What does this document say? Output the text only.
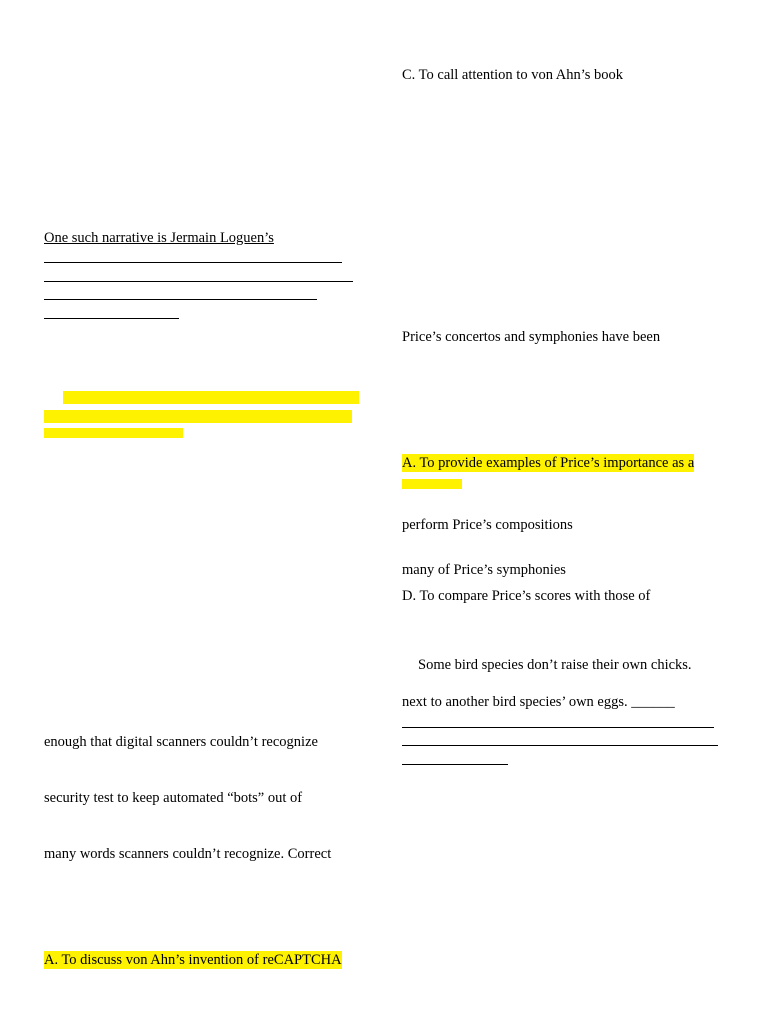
One such narrative is Jermain Loguen’s
enough that digital scanners couldn’t recognize
security test to keep automated “bots” out of
many words scanners couldn’t recognize. Correct
A. To discuss von Ahn’s invention of reCAPTCHA
C. To call attention to von Ahn’s book
Price’s concertos and symphonies have been
A. To provide examples of Price’s importance as a
perform Price’s compositions
many of Price’s symphonies
D. To compare Price’s scores with those of
Some bird species don’t raise their own chicks.
next to another bird species’ own eggs. ______
